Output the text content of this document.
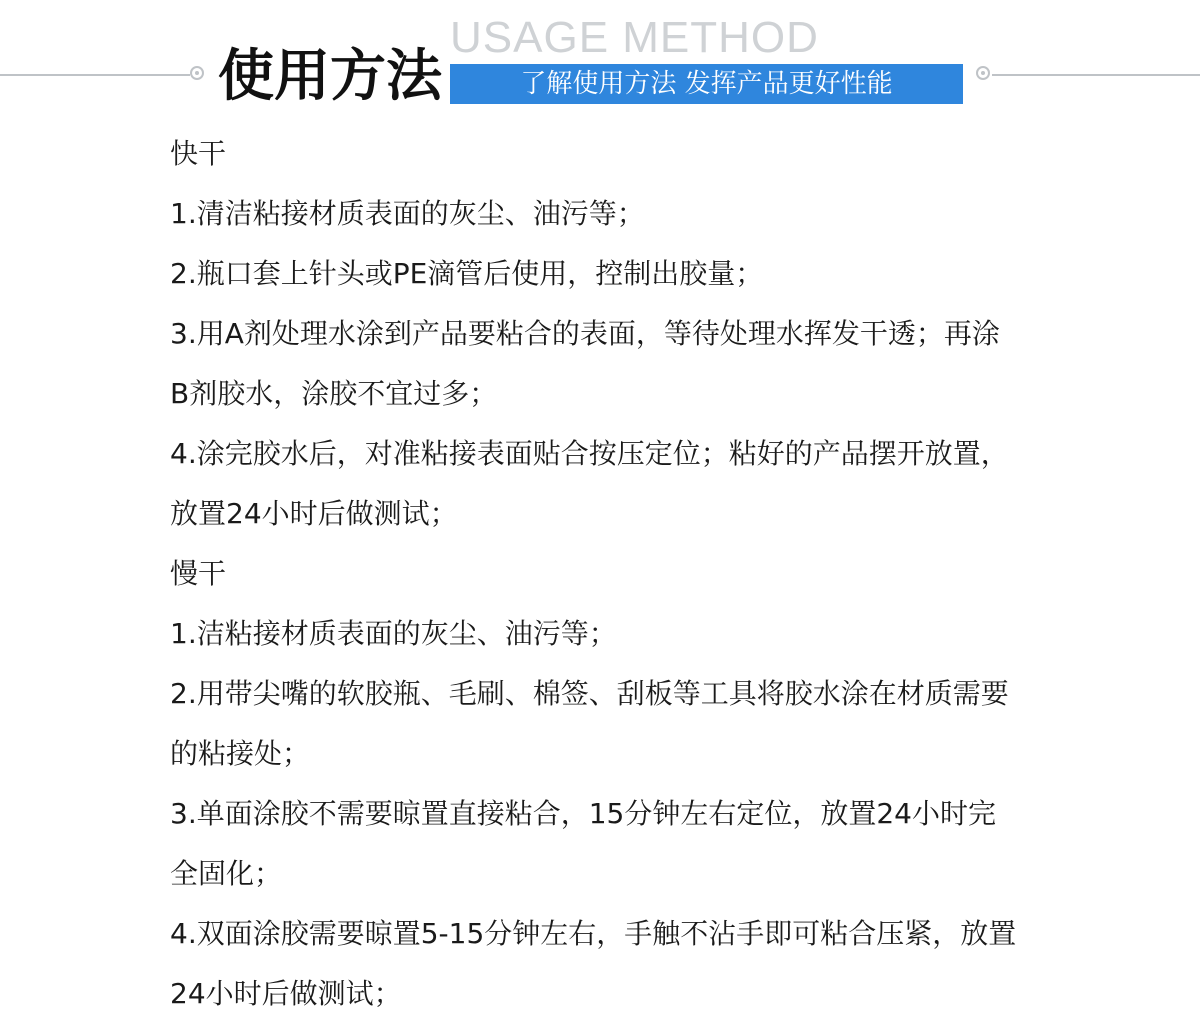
USAGE METHOD
使用方法	了解使用方法 发挥产品更好性能

快干

1.清洁粘接材质表面的灰尘、油污等；

2.瓶口套上针头或PE滴管后使用，控制出胶量；

3.用A剂处理水涂到产品要粘合的表面，等待处理水挥发干透；再涂

B剂胶水，涂胶不宜过多；

4.涂完胶水后，对准粘接表面贴合按压定位；粘好的产品摆开放置，

放置24小时后做测试；

慢干

1.洁粘接材质表面的灰尘、油污等；

2.用带尖嘴的软胶瓶、毛刷、棉签、刮板等工具将胶水涂在材质需要

的粘接处；

3.单面涂胶不需要晾置直接粘合，15分钟左右定位，放置24小时完

全固化；

4.双面涂胶需要晾置5-15分钟左右，手触不沾手即可粘合压紧，放置

24小时后做测试；
